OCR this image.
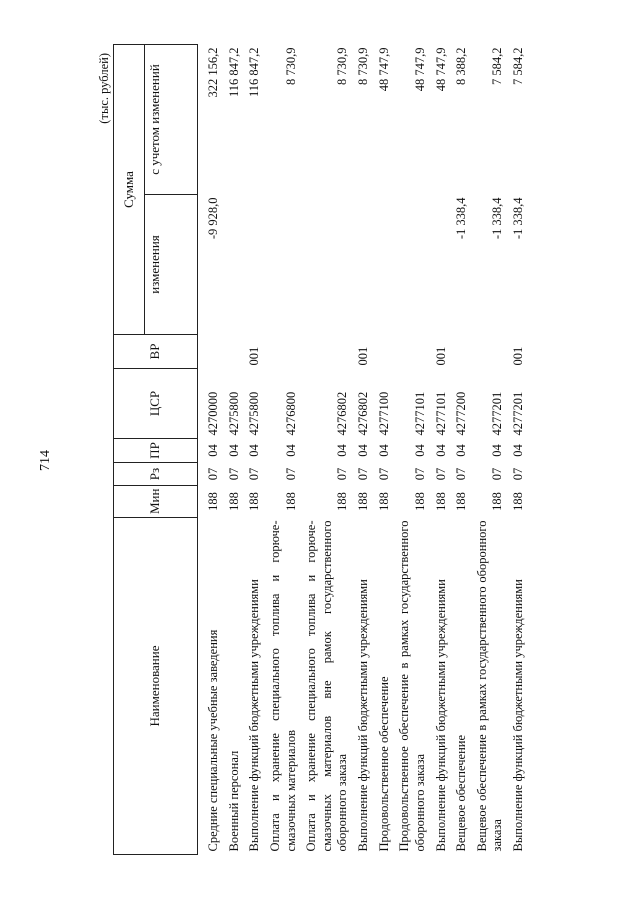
714
(тыс. рублей)
Наименование	Мин	Рз	ПР	ЦСР	ВР	Сумма	
						изменения	с учетом изменений
Средние специальные учебные заведения	188	07	04	4270000		-9 928,0	322 156,2
Военный персонал	188	07	04	4275800			116 847,2
Выполнение функций бюджетными учреждениями	188	07	04	4275800	001		116 847,2
Оплата и хранение специального топлива и горюче-смазочных материалов	188	07	04	4276800			8 730,9
Оплата и хранение специального топлива и горюче-смазочных материалов вне рамок государственного оборонного заказа	188	07	04	4276802			8 730,9
Выполнение функций бюджетными учреждениями	188	07	04	4276802	001		8 730,9
Продовольственное обеспечение	188	07	04	4277100			48 747,9
Продовольственное обеспечение в рамках государственного оборонного заказа	188	07	04	4277101			48 747,9
Выполнение функций бюджетными учреждениями	188	07	04	4277101	001		48 747,9
Вещевое обеспечение	188	07	04	4277200		-1 338,4	8 388,2
Вещевое обеспечение в рамках государственного оборонного заказа	188	07	04	4277201		-1 338,4	7 584,2
Выполнение функций бюджетными учреждениями	188	07	04	4277201	001	-1 338,4	7 584,2
